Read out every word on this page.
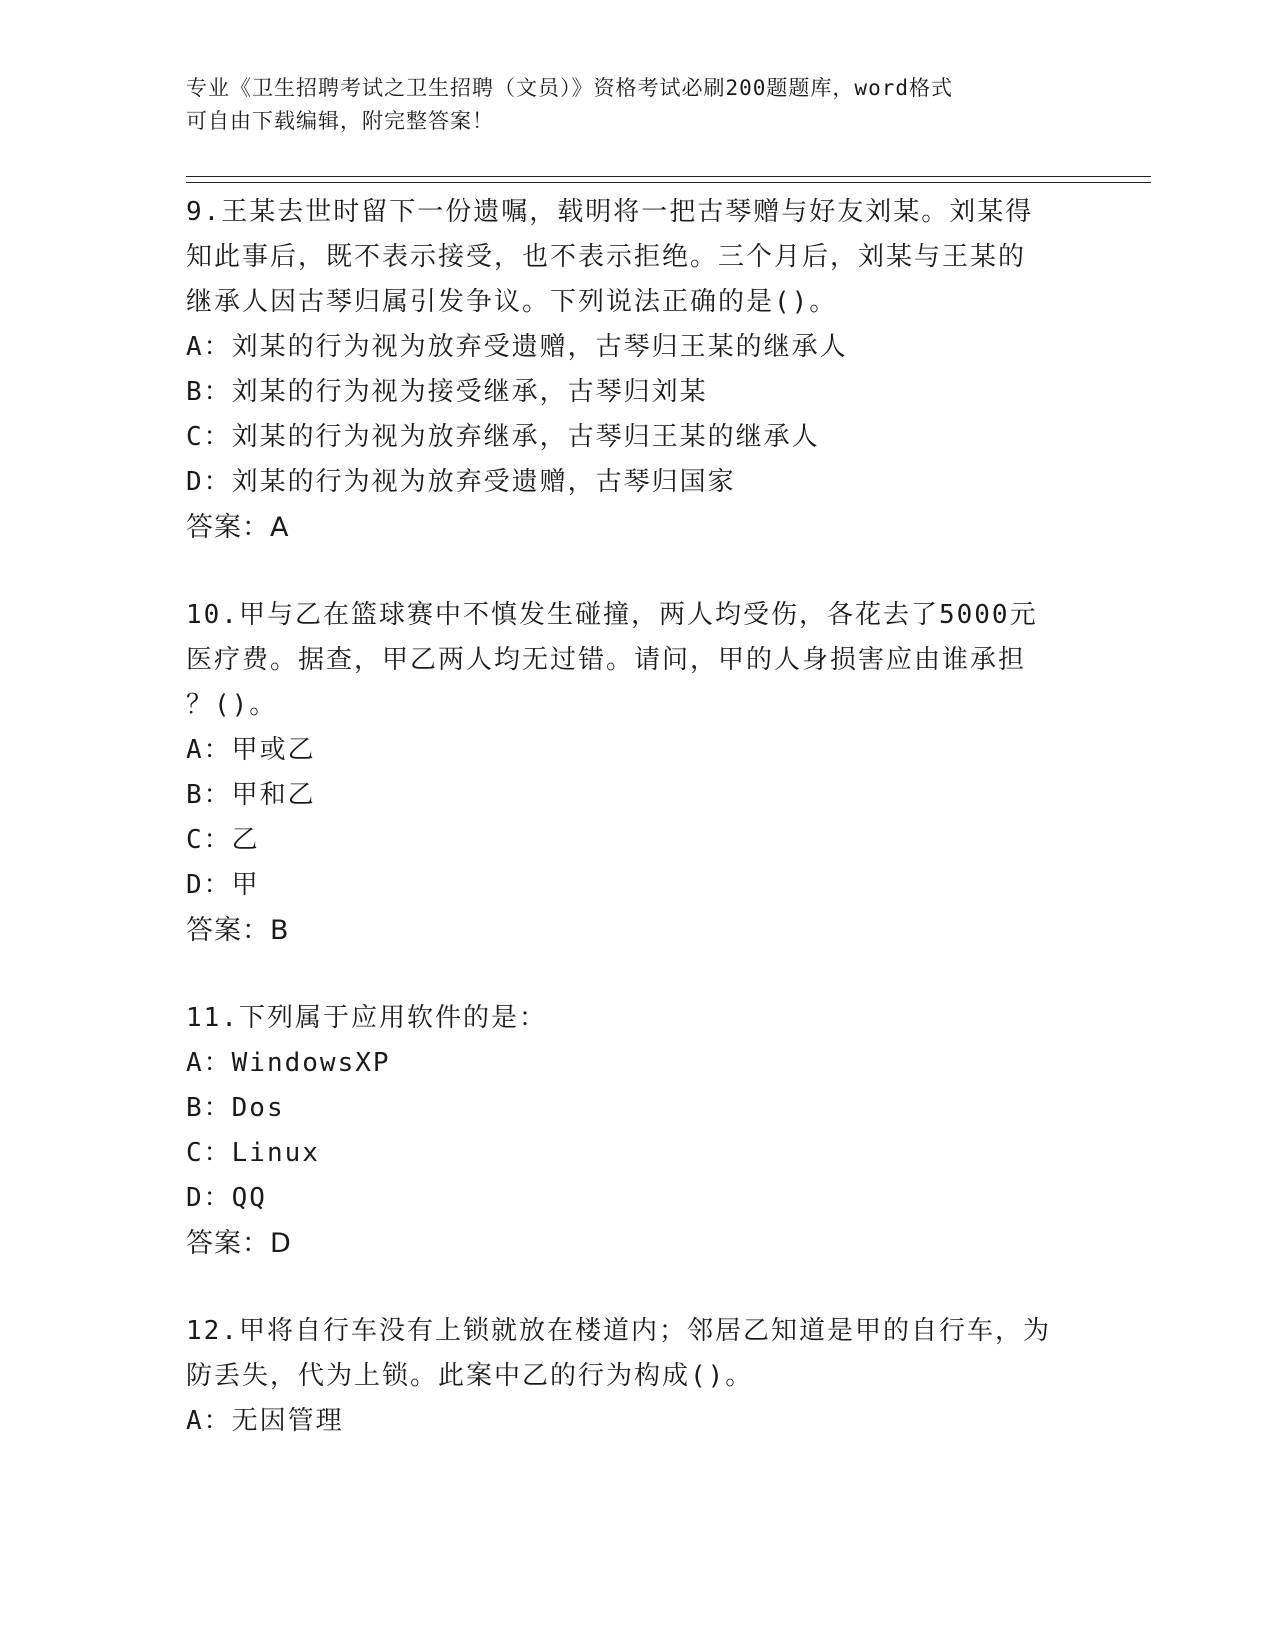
专业《卫生招聘考试之卫生招聘（文员）》资格考试必刷200题题库，word格式
可自由下载编辑，附完整答案！
9.王某去世时留下一份遗嘱，载明将一把古琴赠与好友刘某。刘某得
知此事后，既不表示接受，也不表示拒绝。三个月后，刘某与王某的
继承人因古琴归属引发争议。下列说法正确的是()。
A：刘某的行为视为放弃受遗赠，古琴归王某的继承人
B：刘某的行为视为接受继承，古琴归刘某
C：刘某的行为视为放弃继承，古琴归王某的继承人
D：刘某的行为视为放弃受遗赠，古琴归国家
答案：A
10.甲与乙在篮球赛中不慎发生碰撞，两人均受伤，各花去了5000元
医疗费。据查，甲乙两人均无过错。请问，甲的人身损害应由谁承担
？()。
A：甲或乙
B：甲和乙
C：乙
D：甲
答案：B
11.下列属于应用软件的是：
A：WindowsXP
B：Dos
C：Linux
D：QQ
答案：D
12.甲将自行车没有上锁就放在楼道内；邻居乙知道是甲的自行车，为
防丢失，代为上锁。此案中乙的行为构成()。
A：无因管理
